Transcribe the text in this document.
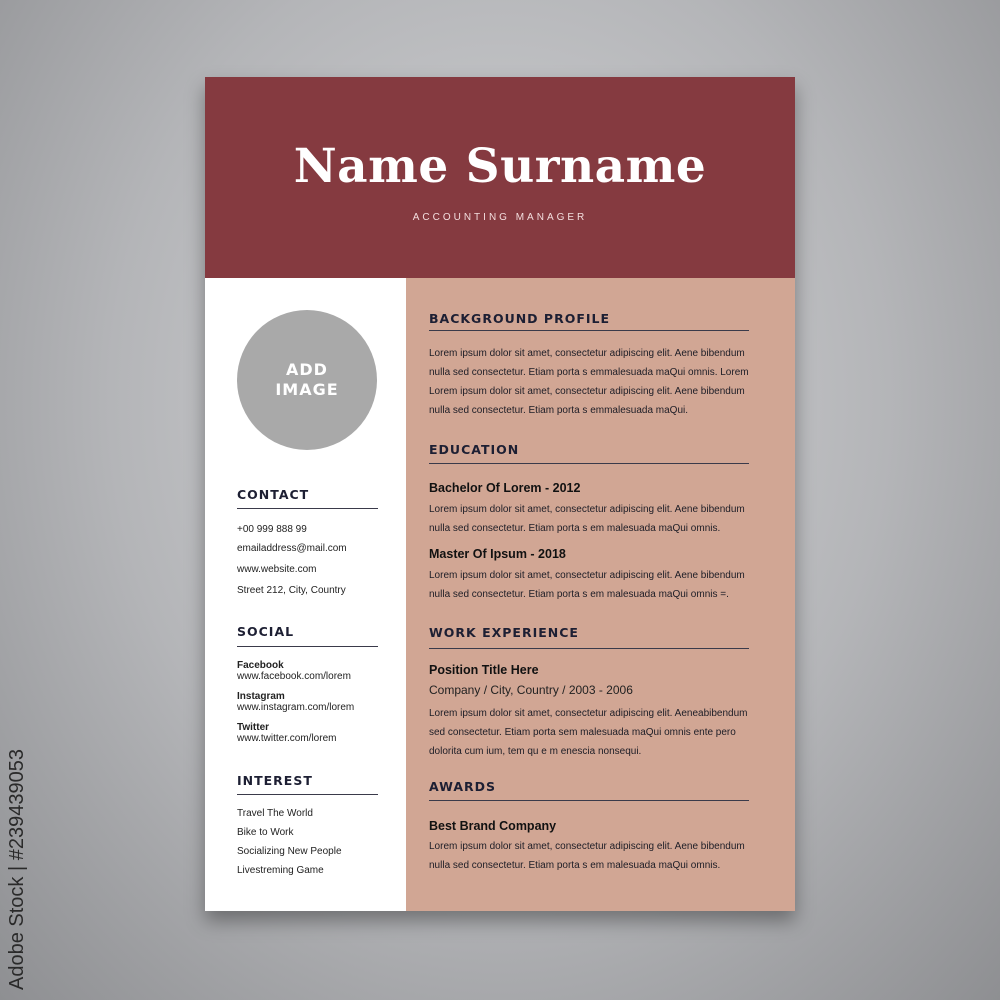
Adobe Stock | #239439053
Name Surname
ACCOUNTING MANAGER
ADD IMAGE
CONTACT
+00 999 888 99
emailaddress@mail.com
www.website.com
Street 212, City, Country
SOCIAL
Facebook
www.facebook.com/lorem
Instagram
www.instagram.com/lorem
Twitter
www.twitter.com/lorem
INTEREST
Travel The World
Bike to Work
Socializing New People
Livestreming Game
BACKGROUND PROFILE

Lorem ipsum dolor sit amet, consectetur adipiscing elit. Aene bibendum nulla sed consectetur. Etiam porta s emmalesuada maQui omnis. Lorem Lorem ipsum dolor sit amet, consectetur adipiscing elit. Aene bibendum nulla sed consectetur. Etiam porta s emmalesuada maQui.

EDUCATION

Bachelor Of Lorem - 2012

Lorem ipsum dolor sit amet, consectetur adipiscing elit. Aene bibendum nulla sed consectetur. Etiam porta s em malesuada maQui omnis.

Master Of Ipsum - 2018

Lorem ipsum dolor sit amet, consectetur adipiscing elit. Aene bibendum nulla sed consectetur. Etiam porta s em malesuada maQui omnis =.

WORK EXPERIENCE

Position Title Here

Company / City, Country / 2003 - 2006

Lorem ipsum dolor sit amet, consectetur adipiscing elit. Aeneabibendum sed consectetur. Etiam porta sem malesuada maQui omnis ente pero dolorita cum ium, tem qu e m enescia nonsequi.

AWARDS

Best Brand Company

Lorem ipsum dolor sit amet, consectetur adipiscing elit. Aene bibendum nulla sed consectetur. Etiam porta s em malesuada maQui omnis.
